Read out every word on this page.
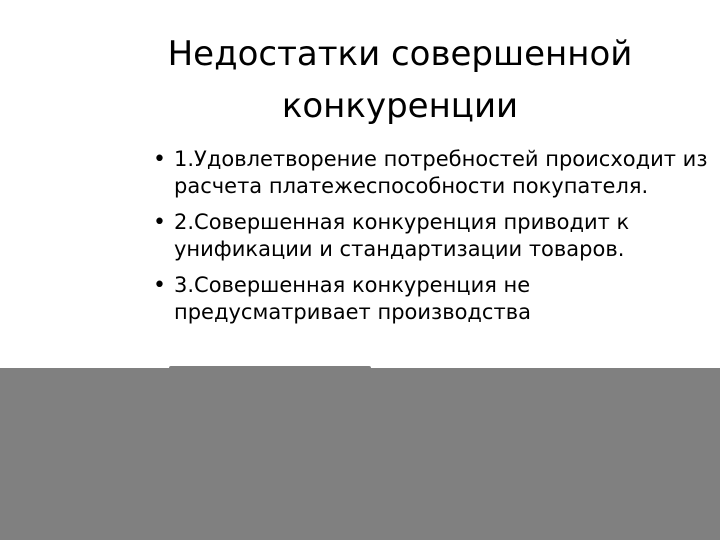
Недостатки совершенной конкуренции
• 1.Удовлетворение потребностей происходит из расчета платежеспособности покупателя.
• 2.Совершенная конкуренция приводит к унификации и стандартизации товаров.
• 3.Совершенная конкуренция не предусматривает производства
